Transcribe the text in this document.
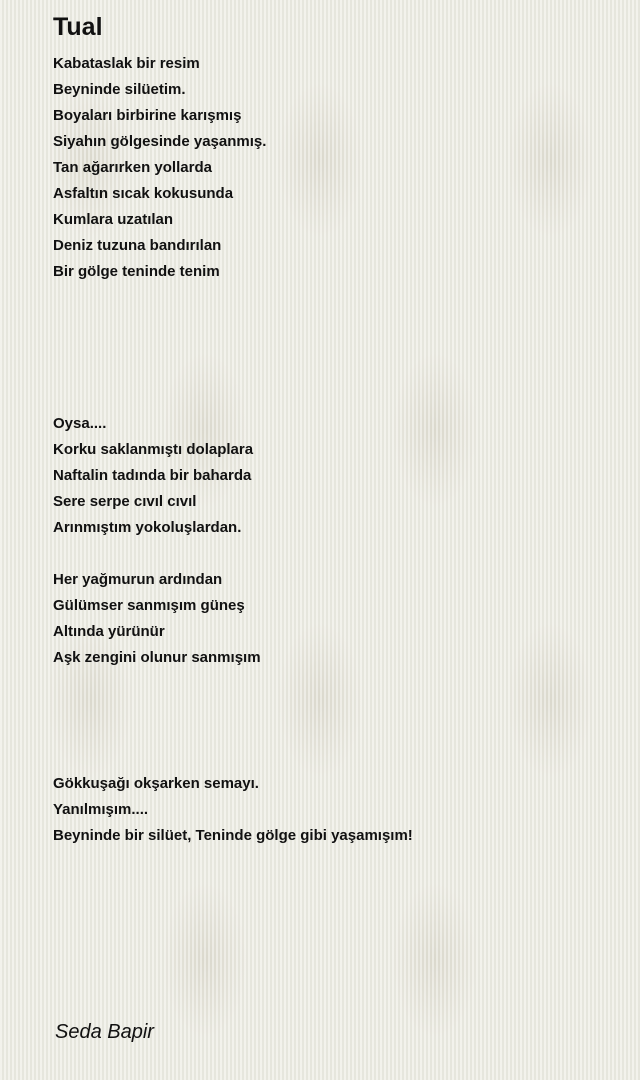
Tual
Kabataslak bir resim
Beyninde silüetim.
Boyaları birbirine karışmış
Siyahın gölgesinde yaşanmış.
Tan ağarırken yollarda
Asfaltın sıcak kokusunda
Kumlara uzatılan
Deniz tuzuna bandırılan
Bir gölge teninde tenim
Oysa....
Korku saklanmıştı dolaplara
Naftalin tadında bir baharda
Sere serpe cıvıl cıvıl
Arınmıştım yokoluşlardan.
Her yağmurun ardından
Gülümser sanmışım güneş
Altında yürünür
Aşk zengini olunur sanmışım
Gökkuşağı okşarken semayı.
Yanılmışım....
Beyninde bir silüet, Teninde gölge gibi yaşamışım!

Seda Bapir
